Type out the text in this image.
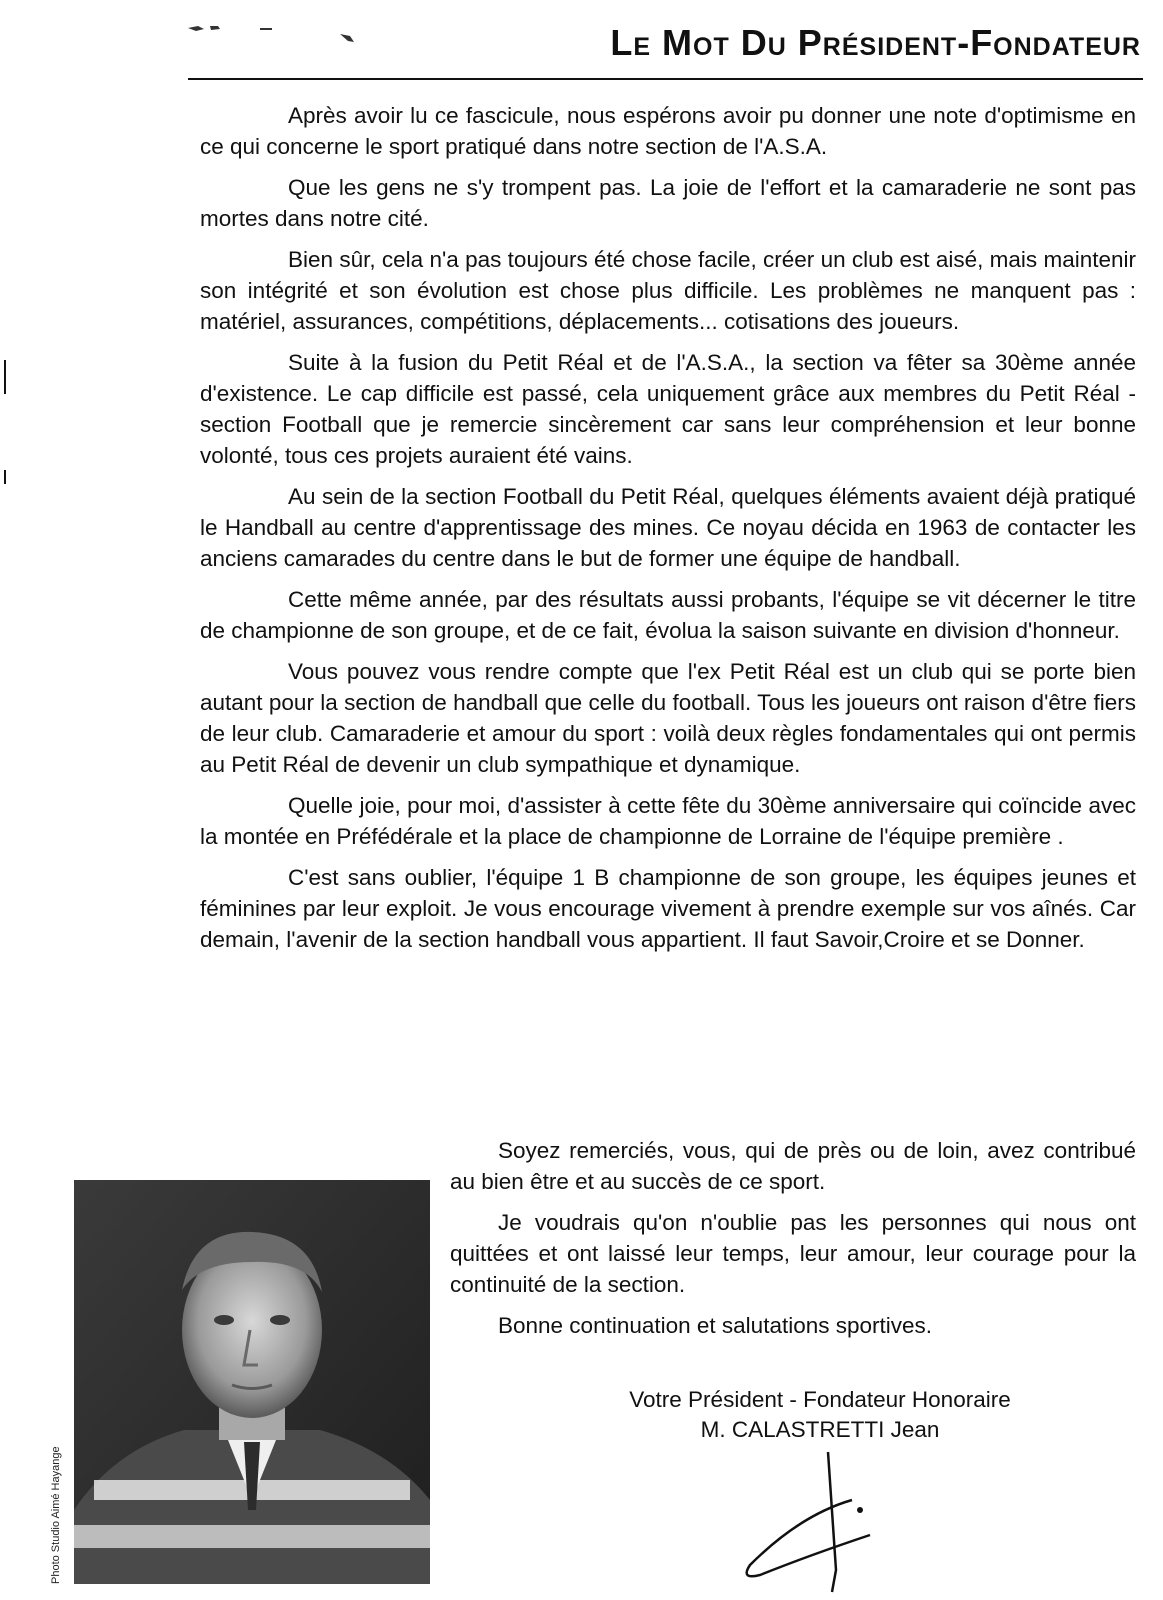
Le Mot Du Président-Fondateur

Après avoir lu ce fascicule, nous espérons avoir pu donner une note d'optimisme en ce qui concerne le sport pratiqué dans notre section de l'A.S.A.

Que les gens ne s'y trompent pas. La joie de l'effort et la camaraderie ne sont pas mortes dans notre cité.

Bien sûr, cela n'a pas toujours été chose facile, créer un club est aisé, mais maintenir son intégrité et son évolution est chose plus difficile. Les problèmes ne manquent pas : matériel, assurances, compétitions, déplacements... cotisations des joueurs.

Suite à la fusion du Petit Réal et de l'A.S.A., la section va fêter sa 30ème année d'existence. Le cap difficile est passé, cela uniquement grâce aux membres du Petit Réal - section Football que je remercie sincèrement car sans leur compréhension et leur bonne volonté, tous ces projets auraient été vains.

Au sein de la section Football du Petit Réal, quelques éléments avaient déjà pratiqué le Handball au centre d'apprentissage des mines. Ce noyau décida en 1963 de contacter les anciens camarades du centre dans le but de former une équipe de handball.

Cette même année, par des résultats aussi probants, l'équipe se vit décerner le titre de championne de son groupe, et de ce fait, évolua la saison suivante en division d'honneur.

Vous pouvez vous rendre compte que l'ex Petit Réal est un club qui se porte bien autant pour la section de handball que celle du football. Tous les joueurs ont raison d'être fiers de leur club. Camaraderie et amour du sport : voilà deux règles fondamentales qui ont permis au Petit Réal de devenir un club sympathique et dynamique.

Quelle joie, pour moi, d'assister à cette fête du 30ème anniversaire qui coïncide avec la montée en Préfédérale et la place de championne de Lorraine de l'équipe première .

C'est sans oublier, l'équipe 1 B championne de son groupe, les équipes jeunes et féminines par leur exploit. Je vous encourage vivement à prendre exemple sur vos aînés. Car demain, l'avenir de la section handball vous appartient. Il faut Savoir,Croire et se Donner.

Soyez remerciés, vous, qui de près ou de loin, avez contribué au bien être et au succès de ce sport.

Je voudrais qu'on n'oublie pas les personnes qui nous ont quittées et ont laissé leur temps, leur amour, leur courage pour la continuité de la section.

Bonne continuation et salutations sportives.

Photo Studio Aimé Hayange
Votre Président - Fondateur Honoraire
M. CALASTRETTI Jean
